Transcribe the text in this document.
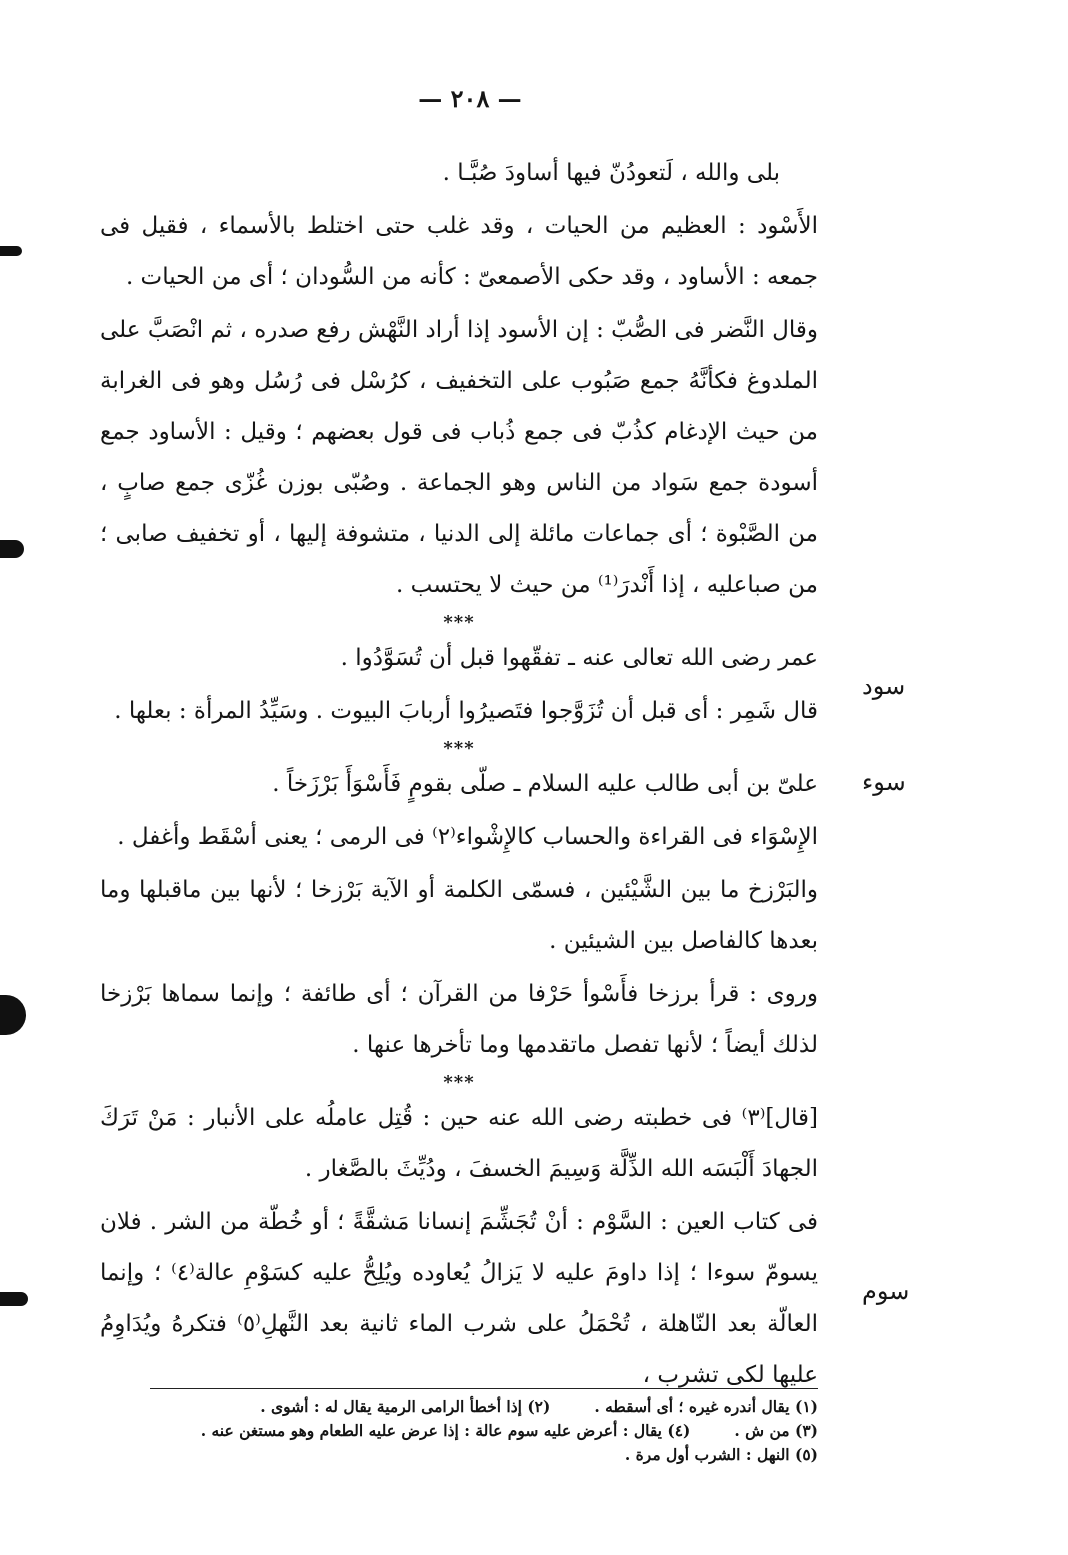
— ٢٠٨ —

بلى والله ، لَتعودُنّ فيها أساودَ صُبَّـا .

الأَسْود : العظيم من الحيات ، وقد غلب حتى اختلط بالأسماء ، فقيل فى جمعه : الأساود ، وقد حكى الأصمعىّ : كأنه من السُّودان ؛ أى من الحيات .

وقال النَّضر فى الصُّبّ : إن الأسود إذا أراد النَّهْش رفع صدره ، ثم انْصَبَّ على الملدوغ فكأنَّهُ جمع صَبُوب على التخفيف ، كرُسْل فى رُسُل وهو فى الغرابة من حيث الإدغام كذُبّ فى جمع ذُباب فى قول بعضهم ؛ وقيل : الأساود جمع أسودة جمع سَواد من الناس وهو الجماعة . وصُبّى بوزن غُزّى جمع صابٍ ، من الصَّبْوة ؛ أى جماعات مائلة إلى الدنيا ، متشوفة إليها ، أو تخفيف صابى ؛ من صباعليه ، إذا أَنْدرَ⁽¹⁾ من حيث لا يحتسب .

***

عمر رضى الله تعالى عنه ـ تفقّهوا قبل أن تُسَوَّدُوا .

قال شَمِر : أى قبل أن تُزَوَّجوا فتَصيرُوا أربابَ البيوت . وسَيِّدُ المرأة : بعلها .

***

علىّ بن أبى طالب عليه السلام ـ صلّى بقومٍ فَأَسْوَأَ بَرْزَخاً .

الإِسْوَاء فى القراءة والحساب كالإِشْواء⁽٢⁾ فى الرمى ؛ يعنى أسْقَط وأغفل .

والبَرْزخ ما بين الشَّيْئين ، فسمّى الكلمة أو الآية بَرْزخا ؛ لأنها بين ماقبلها وما بعدها كالفاصل بين الشيئين .

وروى : قرأ برزخا فأَسْوأ حَرْفا من القرآن ؛ أى طائفة ؛ وإنما سماها بَرْزخا لذلك أيضاً ؛ لأنها تفصل ماتقدمها وما تأخرها عنها .

***

[قال]⁽٣⁾ فى خطبته رضى الله عنه حين : قُتِل عاملُه على الأنبار : مَنْ تَرَكَ الجهادَ أَلْبَسَه الله الذِّلَّة وَسِيمَ الخسفَ ، ودُيِّثَ بالصَّغار .

فى كتاب العين : السَّوْم : أنْ تُجَشِّمَ إنسانا مَشقَّةً ؛ أو خُطّة من الشر . فلان يسومّ سوءا ؛ إذا داومَ عليه لا يَزالُ يُعاوده ويُلِحُّ عليه كسَوْمِ عالة⁽٤⁾ ؛ وإنما العالّة بعد النّاهلة ، تُحْمَلُ على شرب الماء ثانية بعد النَّهلِ⁽٥⁾ فتكرهُ ويُدَاوِمُ عليها لكى تشرب ،

سود
سوء
سوم
(١) يقال أندره غيره ؛ أى أسقطه .(٢) إذا أخطأ الرامى الرمية يقال له : أشوى .
(٣) من ش .(٤) يقال : أعرض عليه سوم عالة : إذا عرض عليه الطعام وهو مستغن عنه .
(٥) النهل : الشرب أول مرة .
